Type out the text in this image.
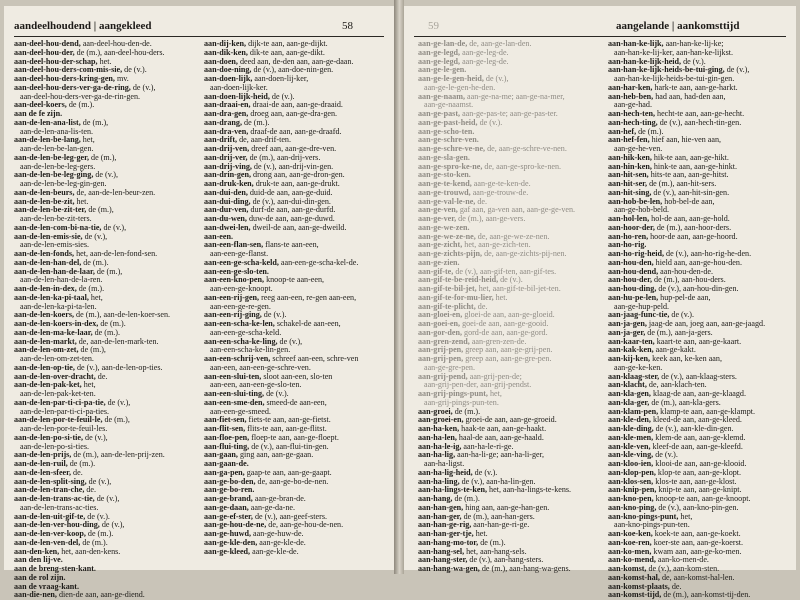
aandeelhoudend | aangekleed	58
aan-deel-hou-dend, aan-deel-hou-den-de.
aan-deel-hou-der, de (m.), aan-deel-hou-ders.
aan-deel-hou-der-schap, het.
aan-deel-hou-ders-com-mis-sie, de (v.).
aan-deel-hou-ders-kring-gen, mv.
aan-deel-hou-ders-ver-ga-de-ring, de (v.),
aan-deel-hou-ders-ver-ga-de-rin-gen.
aan-deel-koers, de (m.).
aan de fe zijn.
aan-de-len-ana-list, de (m.),
aan-de-len-ana-lis-ten.
aan-de-len-be-lang, het,
aan-de-len-be-lan-gen.
aan-de-len-be-leg-ger, de (m.),
aan-de-len-be-leg-gers.
aan-de-len-be-leg-ging, de (v.),
aan-de-len-be-leg-gin-gen.
aan-de-len-beurs, de, aan-de-len-beur-zen.
aan-de-len-be-zit, het.
aan-de-len-be-zit-ter, de (m.),
aan-de-len-be-zit-ters.
aan-de-len-com-bi-na-tie, de (v.),
aan-de-len-emis-sie, de (v.),
aan-de-len-emis-sies.
aan-de-len-fonds, het, aan-de-len-fond-sen.
aan-de-len-han-del, de (m.).
aan-de-len-han-de-laar, de (m.),
aan-de-len-han-de-la-ren.
aan-de-len-in-dex, de (m.).
aan-de-len-ka-pi-taal, het,
aan-de-len-ka-pi-ta-len.
aan-de-len-koers, de (m.), aan-de-len-koer-sen.
aan-de-len-koers-in-dex, de (m.).
aan-de-len-ma-ke-laar, de (m.).
aan-de-len-markt, de, aan-de-len-mark-ten.
aan-de-len-om-zet, de (m.),
aan-de-len-om-zet-ten.
aan-de-len-op-tie, de (v.), aan-de-len-op-ties.
aan-de-len-over-dracht, de.
aan-de-len-pak-ket, het,
aan-de-len-pak-ket-ten.
aan-de-len-par-ti-ci-pa-tie, de (v.),
aan-de-len-par-ti-ci-pa-ties.
aan-de-len-por-te-feuil-le, de (m.),
aan-de-len-por-te-feuil-les.
aan-de-len-po-si-tie, de (v.),
aan-de-len-po-si-ties.
aan-de-len-prijs, de (m.), aan-de-len-prij-zen.
aan-de-len-ruil, de (m.).
aan-de-len-sfeer, de.
aan-de-len-split-sing, de (v.),
aan-de-len-tran-che, de.
aan-de-len-trans-ac-tie, de (v.),
aan-de-len-trans-ac-ties.
aan-de-len-uit-gif-te, de (v.).
aan-de-len-ver-hou-ding, de (v.),
aan-de-len-ver-koop, de (m.).
aan-de-len-ven-del, de (m.).
aan-den-ken, het, aan-den-kens.
aan den lij-ve.
aan de breng-sten-kant.
aan de rol zijn.
aan de vraag-kant.
aan-die-nen, dien-de aan, aan-ge-diend.
aan-dij-ken, dijk-te aan, aan-ge-dijkt.
aan-dik-ken, dik-te aan, aan-ge-dikt.
aan-doen, deed aan, de-den aan, aan-ge-daan.
aan-doe-ning, de (v.), aan-doe-nin-gen.
aan-doen-lijk, aan-doen-lij-ker,
aan-doen-lijk-ker.
aan-doen-lijk-heid, de (v.).
aan-draai-en, draai-de aan, aan-ge-draaid.
aan-dra-gen, droeg aan, aan-ge-dra-gen.
aan-drang, de (m.).
aan-dra-ven, draaf-de aan, aan-ge-draafd.
aan-drift, de, aan-drif-ten.
aan-drij-ven, dreef aan, aan-ge-dre-ven.
aan-drij-ver, de (m.), aan-drij-vers.
aan-drij-ving, de (v.), aan-drij-vin-gen.
aan-drin-gen, drong aan, aan-ge-dron-gen.
aan-druk-ken, druk-te aan, aan-ge-drukt.
aan-dui-den, duid-de aan, aan-ge-duid.
aan-dui-ding, de (v.), aan-dui-din-gen.
aan-dur-ven, durf-de aan, aan-ge-durfd.
aan-du-wen, duw-de aan, aan-ge-duwd.
aan-dwei-len, dweil-de aan, aan-ge-dweild.
aan-een.
aan-een-flan-sen, flans-te aan-een,
aan-een-ge-flanst.
aan-een-ge-scha-keld, aan-een-ge-scha-kel-de.
aan-een-ge-slo-ten.
aan-een-kno-pen, knoop-te aan-een,
aan-een-ge-knoopt.
aan-een-rij-gen, reeg aan-een, re-gen aan-een,
aan-een-ge-re-gen.
aan-een-rij-ging, de (v.).
aan-een-scha-ke-len, schakel-de aan-een,
aan-een-ge-scha-keld.
aan-een-scha-ke-ling, de (v.),
aan-een-scha-ke-lin-gen.
aan-een-schrij-ven, schreef aan-een, schre-ven
aan-een, aan-een-ge-schre-ven.
aan-een-slui-ten, sloot aan-een, slo-ten
aan-een, aan-een-ge-slo-ten.
aan-een-slui-ting, de (v.).
aan-een-sme-den, smeed-de aan-een,
aan-een-ge-smeed.
aan-fiet-sen, fiets-te aan, aan-ge-fietst.
aan-flit-sen, flits-te aan, aan-ge-flitst.
aan-floe-pen, floep-te aan, aan-ge-floept.
aan-flui-ting, de (v.), aan-flui-tin-gen.
aan-gaan, ging aan, aan-ge-gaan.
aan-gaan-de.
aan-ga-pen, gaap-te aan, aan-ge-gaapt.
aan-ge-bo-den, de, aan-ge-bo-de-nen.
aan-ge-bo-ren.
aan-ge-brand, aan-ge-bran-de.
aan-ge-daan, aan-ge-da-ne.
aan-ge-ef-ster, de (v.), aan-geef-sters.
aan-ge-hou-de-ne, de, aan-ge-hou-de-nen.
aan-ge-huwd, aan-ge-huw-de.
aan-ge-kle-den, aan-ge-kle-de.
aan-ge-kleed, aan-ge-kle-de.
59	aangelande | aankomsttijd
aan-ge-lan-de, de, aan-ge-lan-den.
aan-ge-legd, aan-ge-leg-de.
aan-ge-legd, aan-ge-leg-de.
aan-ge-le-gen.
aan-ge-le-gen-heid, de (v.),
aan-ge-le-gen-he-den.
aan-ge-naam, aan-ge-na-me; aan-ge-na-mer,
aan-ge-naamst.
aan-ge-past, aan-ge-pas-te; aan-ge-pas-ter.
aan-ge-past-heid, de (v.).
aan-ge-scho-ten.
aan-ge-schre-ven.
aan-ge-schre-ve-ne, de, aan-ge-schre-ve-nen.
aan-ge-sla-gen.
aan-ge-spro-ke-ne, de, aan-ge-spro-ke-nen.
aan-ge-sto-ken.
aan-ge-te-kend, aan-ge-te-ken-de.
aan-ge-trouwd, aan-ge-trouw-de.
aan-ge-val-le-ne, de.
aan-ge-ven, gaf aan, ga-ven aan, aan-ge-ge-ven.
aan-ge-ver, de (m.), aan-ge-vers.
aan-ge-we-zen.
aan-ge-we-ze-ne, de, aan-ge-we-ze-nen.
aan-ge-zicht, het, aan-ge-zich-ten.
aan-ge-zichts-pijn, de, aan-ge-zichts-pij-nen.
aan-ge-zien.
aan-gif-te, de (v.), aan-gif-ten, aan-gif-tes.
aan-gif-te-be-reid-heid, de (v.).
aan-gif-te-bil-jet, het, aan-gif-te-bil-jet-ten.
aan-gif-te-for-mu-lier, het.
aan-gif-te-plicht, de.
aan-gloei-en, gloei-de aan, aan-ge-gloeid.
aan-goei-en, goei-de aan, aan-ge-gooid.
aan-gor-den, gord-de aan, aan-ge-gord.
aan-gren-zend, aan-gren-zen-de.
aan-grij-pen, greep aan, aan-ge-grij-pen.
aan-grij-pen, greep aan, aan-ge-gre-pen.
aan-ge-gre-pen.
aan-grij-pend, aan-grij-pen-de;
aan-grij-pen-der, aan-grij-pendst.
aan-grij-pings-punt, het,
aan-grij-pings-pun-ten.
aan-groei, de (m.).
aan-groei-en, groei-de aan, aan-ge-groeid.
aan-ha-ken, haak-te aan, aan-ge-haakt.
aan-ha-len, haal-de aan, aan-ge-haald.
aan-ha-le-ig, aan-ha-le-ri-ge.
aan-ha-lig, aan-ha-li-ge; aan-ha-li-ger,
aan-ha-ligst.
aan-ha-lig-heid, de (v.).
aan-ha-ling, de (v.), aan-ha-lin-gen.
aan-ha-lings-te-ken, het, aan-ha-lings-te-kens.
aan-hang, de (m.).
aan-han-gen, hing aan, aan-ge-han-gen.
aan-han-ger, de (m.), aan-han-gers.
aan-han-ge-rig, aan-han-ge-ri-ge.
aan-han-ger-tje, het.
aan-hang-mo-tor, de (m.).
aan-hang-sel, het, aan-hang-sels.
aan-hang-ster, de (v.), aan-hang-sters.
aan-hang-wa-gen, de (m.), aan-hang-wa-gens.
aan-han-ke-lijk, aan-han-ke-lij-ke;
aan-han-ke-lij-ker, aan-han-ke-lijkst.
aan-han-ke-lijk-heid, de (v.).
aan-han-ke-lijk-heids-be-tui-ging, de (v.),
aan-han-ke-lijk-heids-be-tui-gin-gen.
aan-har-ken, hark-te aan, aan-ge-harkt.
aan-heb-ben, had aan, had-den aan,
aan-ge-had.
aan-hech-ten, hecht-te aan, aan-ge-hecht.
aan-hech-ting, de (v.), aan-hech-tin-gen.
aan-hef, de (m.).
aan-hef-fen, hief aan, hie-ven aan,
aan-ge-he-ven.
aan-hik-ken, hik-te aan, aan-ge-hikt.
aan-hin-ken, hink-te aan, aan-ge-hinkt.
aan-hit-sen, hits-te aan, aan-ge-hitst.
aan-hit-ser, de (m.), aan-hit-sers.
aan-hit-sing, de (v.), aan-hit-sin-gen.
aan-hob-be-len, hob-bel-de aan,
aan-ge-hob-beld.
aan-hol-len, hol-de aan, aan-ge-hold.
aan-hoor-der, de (m.), aan-hoor-ders.
aan-ho-ren, hoor-de aan, aan-ge-hoord.
aan-ho-rig.
aan-ho-rig-heid, de (v.), aan-ho-rig-he-den.
aan-hou-den, hield aan, aan-ge-hou-den.
aan-hou-dend, aan-hou-den-de.
aan-hou-der, de (m.), aan-hou-ders.
aan-hou-ding, de (v.), aan-hou-din-gen.
aan-hu-pe-len, hup-pel-de aan,
aan-ge-hup-peld.
aan-jaag-func-tie, de (v.).
aan-ja-gen, jaag-de aan, joeg aan, aan-ge-jaagd.
aan-ja-ger, de (m.), aan-ja-gers.
aan-kaar-ten, kaart-te aan, aan-ge-kaart.
aan-kak-ken, aan-ge-kakt.
aan-kij-ken, keek aan, ke-ken aan,
aan-ge-ke-ken.
aan-klaag-ster, de (v.), aan-klaag-sters.
aan-klacht, de, aan-klach-ten.
aan-kla-gen, klaag-de aan, aan-ge-klaagd.
aan-kla-ger, de (m.), aan-kla-gers.
aan-klam-pen, klamp-te aan, aan-ge-klampt.
aan-kle-den, kleed-de aan, aan-ge-kleed.
aan-kle-ding, de (v.), aan-kle-din-gen.
aan-kle-men, klem-de aan, aan-ge-klemd.
aan-kle-ven, kleef-de aan, aan-ge-kleefd.
aan-kle-ving, de (v.).
aan-kloo-ien, klooi-de aan, aan-ge-klooid.
aan-klop-pen, klop-te aan, aan-ge-klopt.
aan-klos-sen, klos-te aan, aan-ge-klost.
aan-knip-pen, knip-te aan, aan-ge-knipt.
aan-kno-pen, knoop-te aan, aan-ge-knoopt.
aan-kno-ping, de (v.), aan-kno-pin-gen.
aan-kno-pings-punt, het,
aan-kno-pings-pun-ten.
aan-koe-ken, koek-te aan, aan-ge-koekt.
aan-koe-ren, koer-ste aan, aan-ge-koerst.
aan-ko-men, kwam aan, aan-ge-ko-men.
aan-ko-mend, aan-ko-men-de.
aan-komst, de (v.), aan-kom-sten.
aan-komst-hal, de, aan-komst-hal-len.
aan-komst-plaats, de.
aan-komst-tijd, de (m.), aan-komst-tij-den.
